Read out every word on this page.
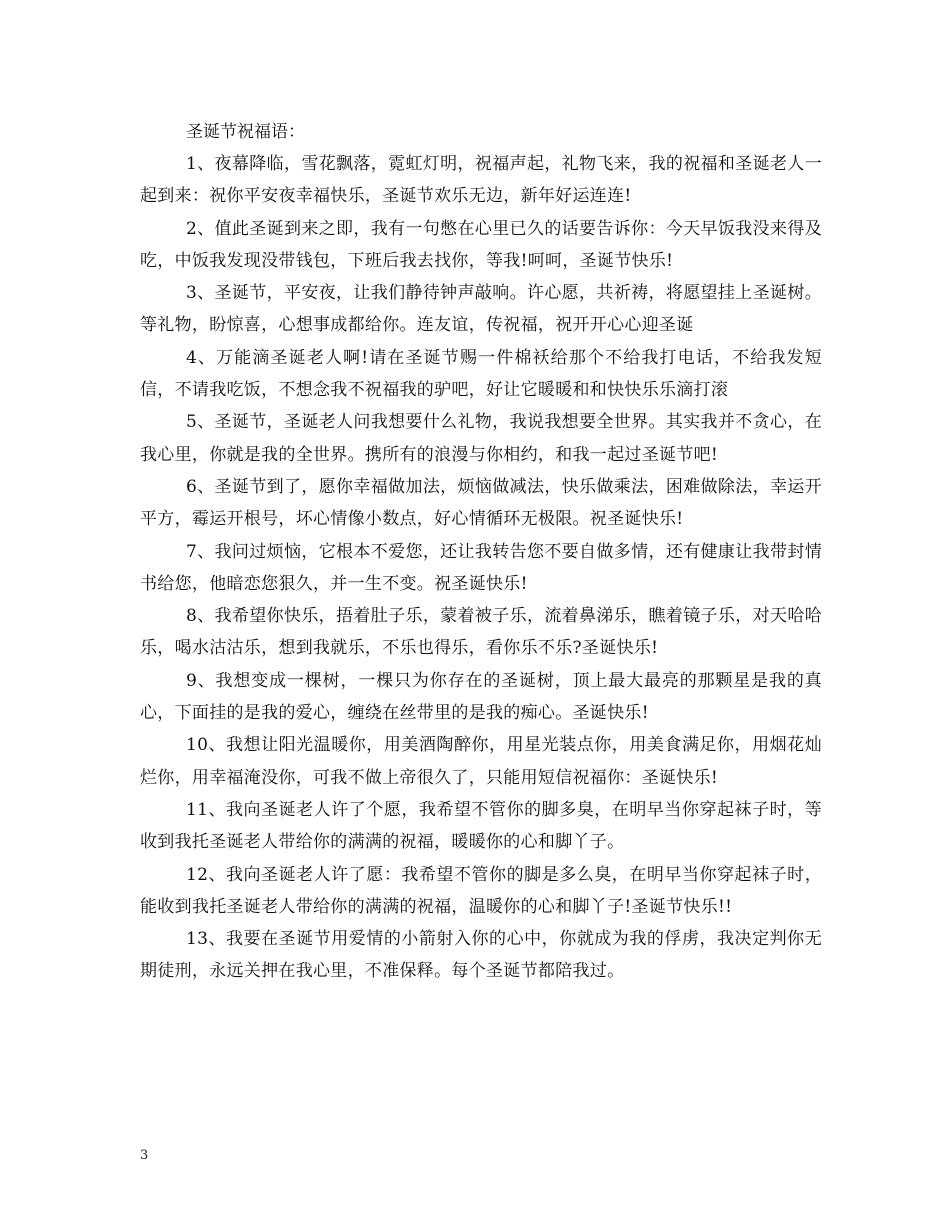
圣诞节祝福语：

1、夜幕降临，雪花飘落，霓虹灯明，祝福声起，礼物飞来，我的祝福和圣诞老人一起到来：祝你平安夜幸福快乐，圣诞节欢乐无边，新年好运连连!

2、值此圣诞到来之即，我有一句憋在心里已久的话要告诉你：今天早饭我没来得及吃，中饭我发现没带钱包，下班后我去找你，等我!呵呵，圣诞节快乐!

3、圣诞节，平安夜，让我们静待钟声敲响。许心愿，共祈祷，将愿望挂上圣诞树。等礼物，盼惊喜，心想事成都给你。连友谊，传祝福，祝开开心心迎圣诞

4、万能滴圣诞老人啊!请在圣诞节赐一件棉袄给那个不给我打电话，不给我发短信，不请我吃饭，不想念我不祝福我的驴吧，好让它暖暖和和快快乐乐滴打滚

5、圣诞节，圣诞老人问我想要什么礼物，我说我想要全世界。其实我并不贪心，在我心里，你就是我的全世界。携所有的浪漫与你相约，和我一起过圣诞节吧!

6、圣诞节到了，愿你幸福做加法，烦恼做减法，快乐做乘法，困难做除法，幸运开平方，霉运开根号，坏心情像小数点，好心情循环无极限。祝圣诞快乐!

7、我问过烦恼，它根本不爱您，还让我转告您不要自做多情，还有健康让我带封情书给您，他暗恋您狠久，并一生不变。祝圣诞快乐!

8、我希望你快乐，捂着肚子乐，蒙着被子乐，流着鼻涕乐，瞧着镜子乐，对天哈哈乐，喝水沽沽乐，想到我就乐，不乐也得乐，看你乐不乐?圣诞快乐!

9、我想变成一棵树，一棵只为你存在的圣诞树，顶上最大最亮的那颗星是我的真心，下面挂的是我的爱心，缠绕在丝带里的是我的痴心。圣诞快乐!

10、我想让阳光温暖你，用美酒陶醉你，用星光装点你，用美食满足你，用烟花灿烂你，用幸福淹没你，可我不做上帝很久了，只能用短信祝福你：圣诞快乐!

11、我向圣诞老人许了个愿，我希望不管你的脚多臭，在明早当你穿起袜子时，等收到我托圣诞老人带给你的满满的祝福，暖暖你的心和脚丫子。

12、我向圣诞老人许了愿：我希望不管你的脚是多么臭，在明早当你穿起袜子时，能收到我托圣诞老人带给你的满满的祝福，温暖你的心和脚丫子!圣诞节快乐!!

13、我要在圣诞节用爱情的小箭射入你的心中，你就成为我的俘虏，我决定判你无期徒刑，永远关押在我心里，不准保释。每个圣诞节都陪我过。

3
